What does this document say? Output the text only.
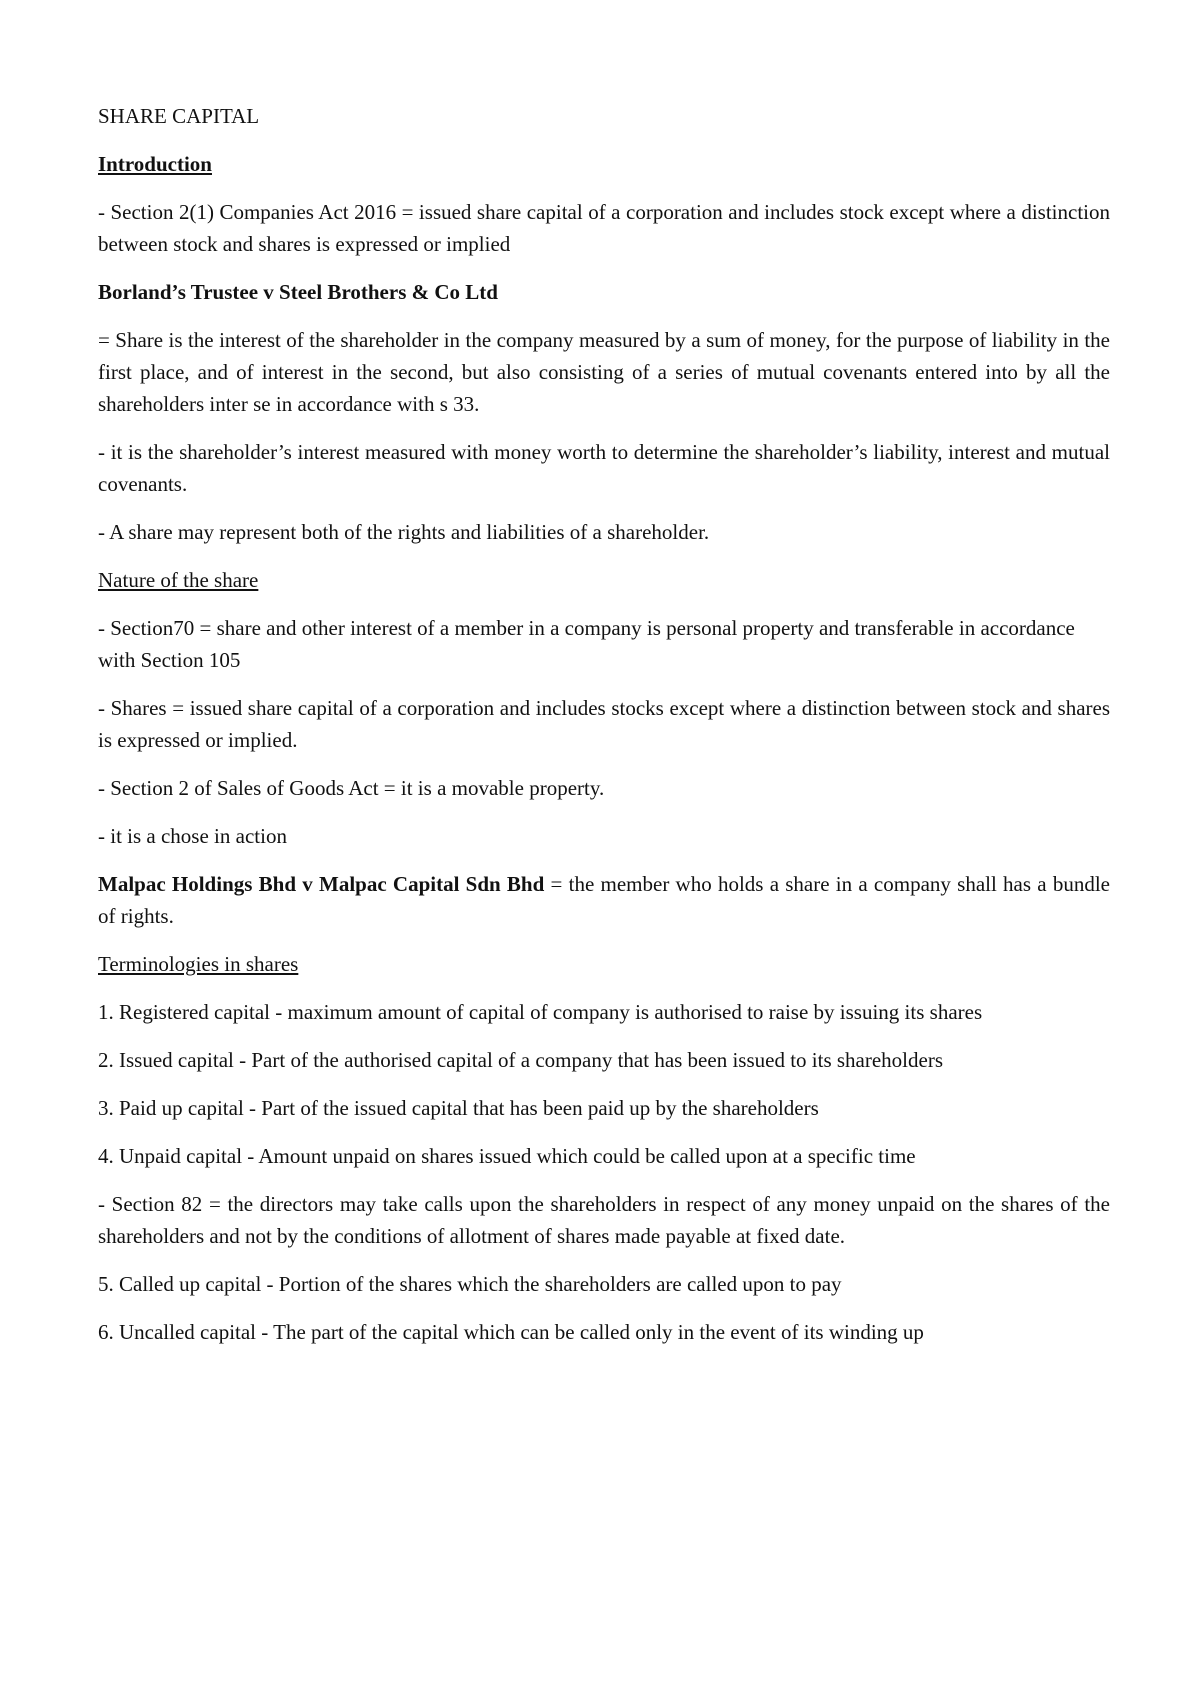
SHARE CAPITAL

Introduction

- Section 2(1) Companies Act 2016 = issued share capital of a corporation and includes stock except where a distinction between stock and shares is expressed or implied

Borland’s Trustee v Steel Brothers & Co Ltd

= Share is the interest of the shareholder in the company measured by a sum of money, for the purpose of liability in the first place, and of interest in the second, but also consisting of a series of mutual covenants entered into by all the shareholders inter se in accordance with s 33.

- it is the shareholder’s interest measured with money worth to determine the shareholder’s liability, interest and mutual covenants.

- A share may represent both of the rights and liabilities of a shareholder.

Nature of the share

- Section70 = share and other interest of a member in a company is personal property and transferable in accordance with Section 105

- Shares = issued share capital of a corporation and includes stocks except where a distinction between stock and shares is expressed or implied.

- Section 2 of Sales of Goods Act = it is a movable property.

- it is a chose in action

Malpac Holdings Bhd v Malpac Capital Sdn Bhd = the member who holds a share in a company shall has a bundle of rights.

Terminologies in shares

1. Registered capital - maximum amount of capital of company is authorised to raise by issuing its shares

2. Issued capital - Part of the authorised capital of a company that has been issued to its shareholders

3. Paid up capital - Part of the issued capital that has been paid up by the shareholders

4. Unpaid capital - Amount unpaid on shares issued which could be called upon at a specific time

- Section 82 = the directors may take calls upon the shareholders in respect of any money unpaid on the shares of the shareholders and not by the conditions of allotment of shares made payable at fixed date.

5. Called up capital - Portion of the shares which the shareholders are called upon to pay

6. Uncalled capital - The part of the capital which can be called only in the event of its winding up
